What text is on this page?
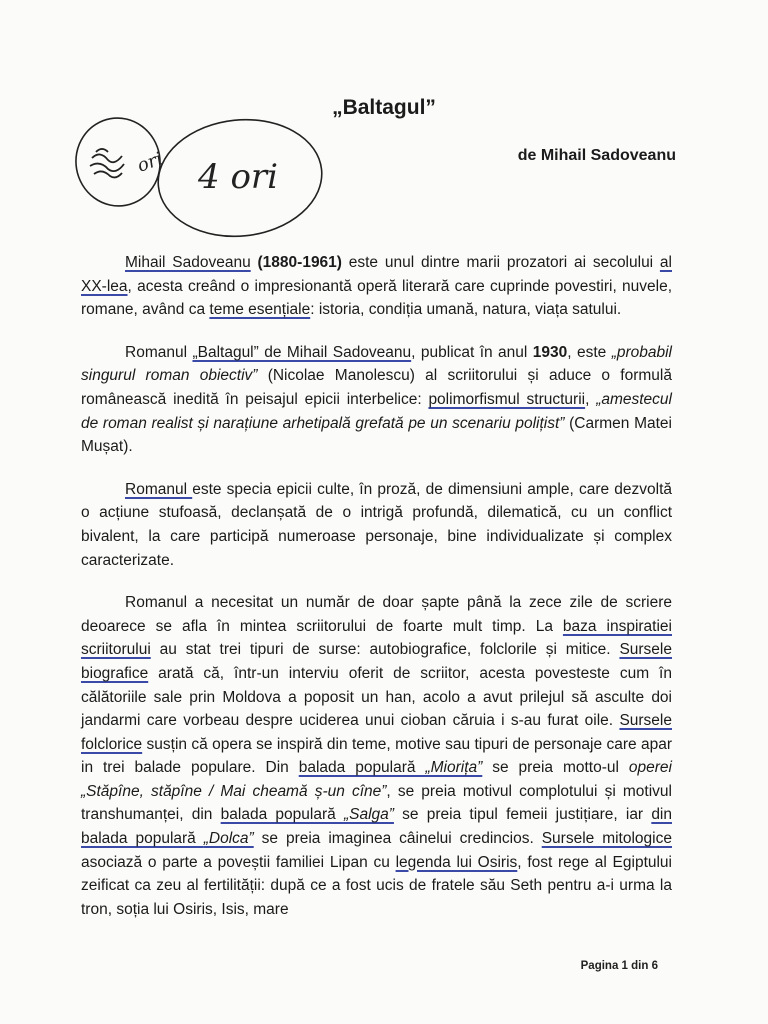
„Baltagul”
de Mihail Sadoveanu
ori 4 ori

Mihail Sadoveanu (1880-1961) este unul dintre marii prozatori ai secolului al XX-lea, acesta creând o impresionantă operă literară care cuprinde povestiri, nuvele, romane, având ca teme esențiale: istoria, condiția umană, natura, viața satului.

Romanul „Baltagul” de Mihail Sadoveanu, publicat în anul 1930, este „probabil singurul roman obiectiv” (Nicolae Manolescu) al scriitorului și aduce o formulă românească inedită în peisajul epicii interbelice: polimorfismul structurii, „amestecul de roman realist și narațiune arhetipală grefată pe un scenariu polițist” (Carmen Matei Mușat).

Romanul este specia epicii culte, în proză, de dimensiuni ample, care dezvoltă o acțiune stufoasă, declanșată de o intrigă profundă, dilematică, cu un conflict bivalent, la care participă numeroase personaje, bine individualizate și complex caracterizate.

Romanul a necesitat un număr de doar șapte până la zece zile de scriere deoarece se afla în mintea scriitorului de foarte mult timp. La baza inspiratiei scriitorului au stat trei tipuri de surse: autobiografice, folclorile și mitice. Sursele biografice arată că, într-un interviu oferit de scriitor, acesta povesteste cum în călătoriile sale prin Moldova a poposit un han, acolo a avut prilejul să asculte doi jandarmi care vorbeau despre uciderea unui cioban căruia i s-au furat oile. Sursele folclorice susțin că opera se inspiră din teme, motive sau tipuri de personaje care apar in trei balade populare. Din balada populară „Miorița” se preia motto-ul operei „Stăpîne, stăpîne / Mai cheamă ș-un cîne”, se preia motivul complotului și motivul transhumanței, din balada populară „Salga” se preia tipul femeii justițiare, iar din balada populară „Dolca” se preia imaginea câinelui credincios. Sursele mitologice asociază o parte a poveștii familiei Lipan cu legenda lui Osiris, fost rege al Egiptului zeificat ca zeu al fertilității: după ce a fost ucis de fratele său Seth pentru a-i urma la tron, soția lui Osiris, Isis, mare

Pagina 1 din 6
